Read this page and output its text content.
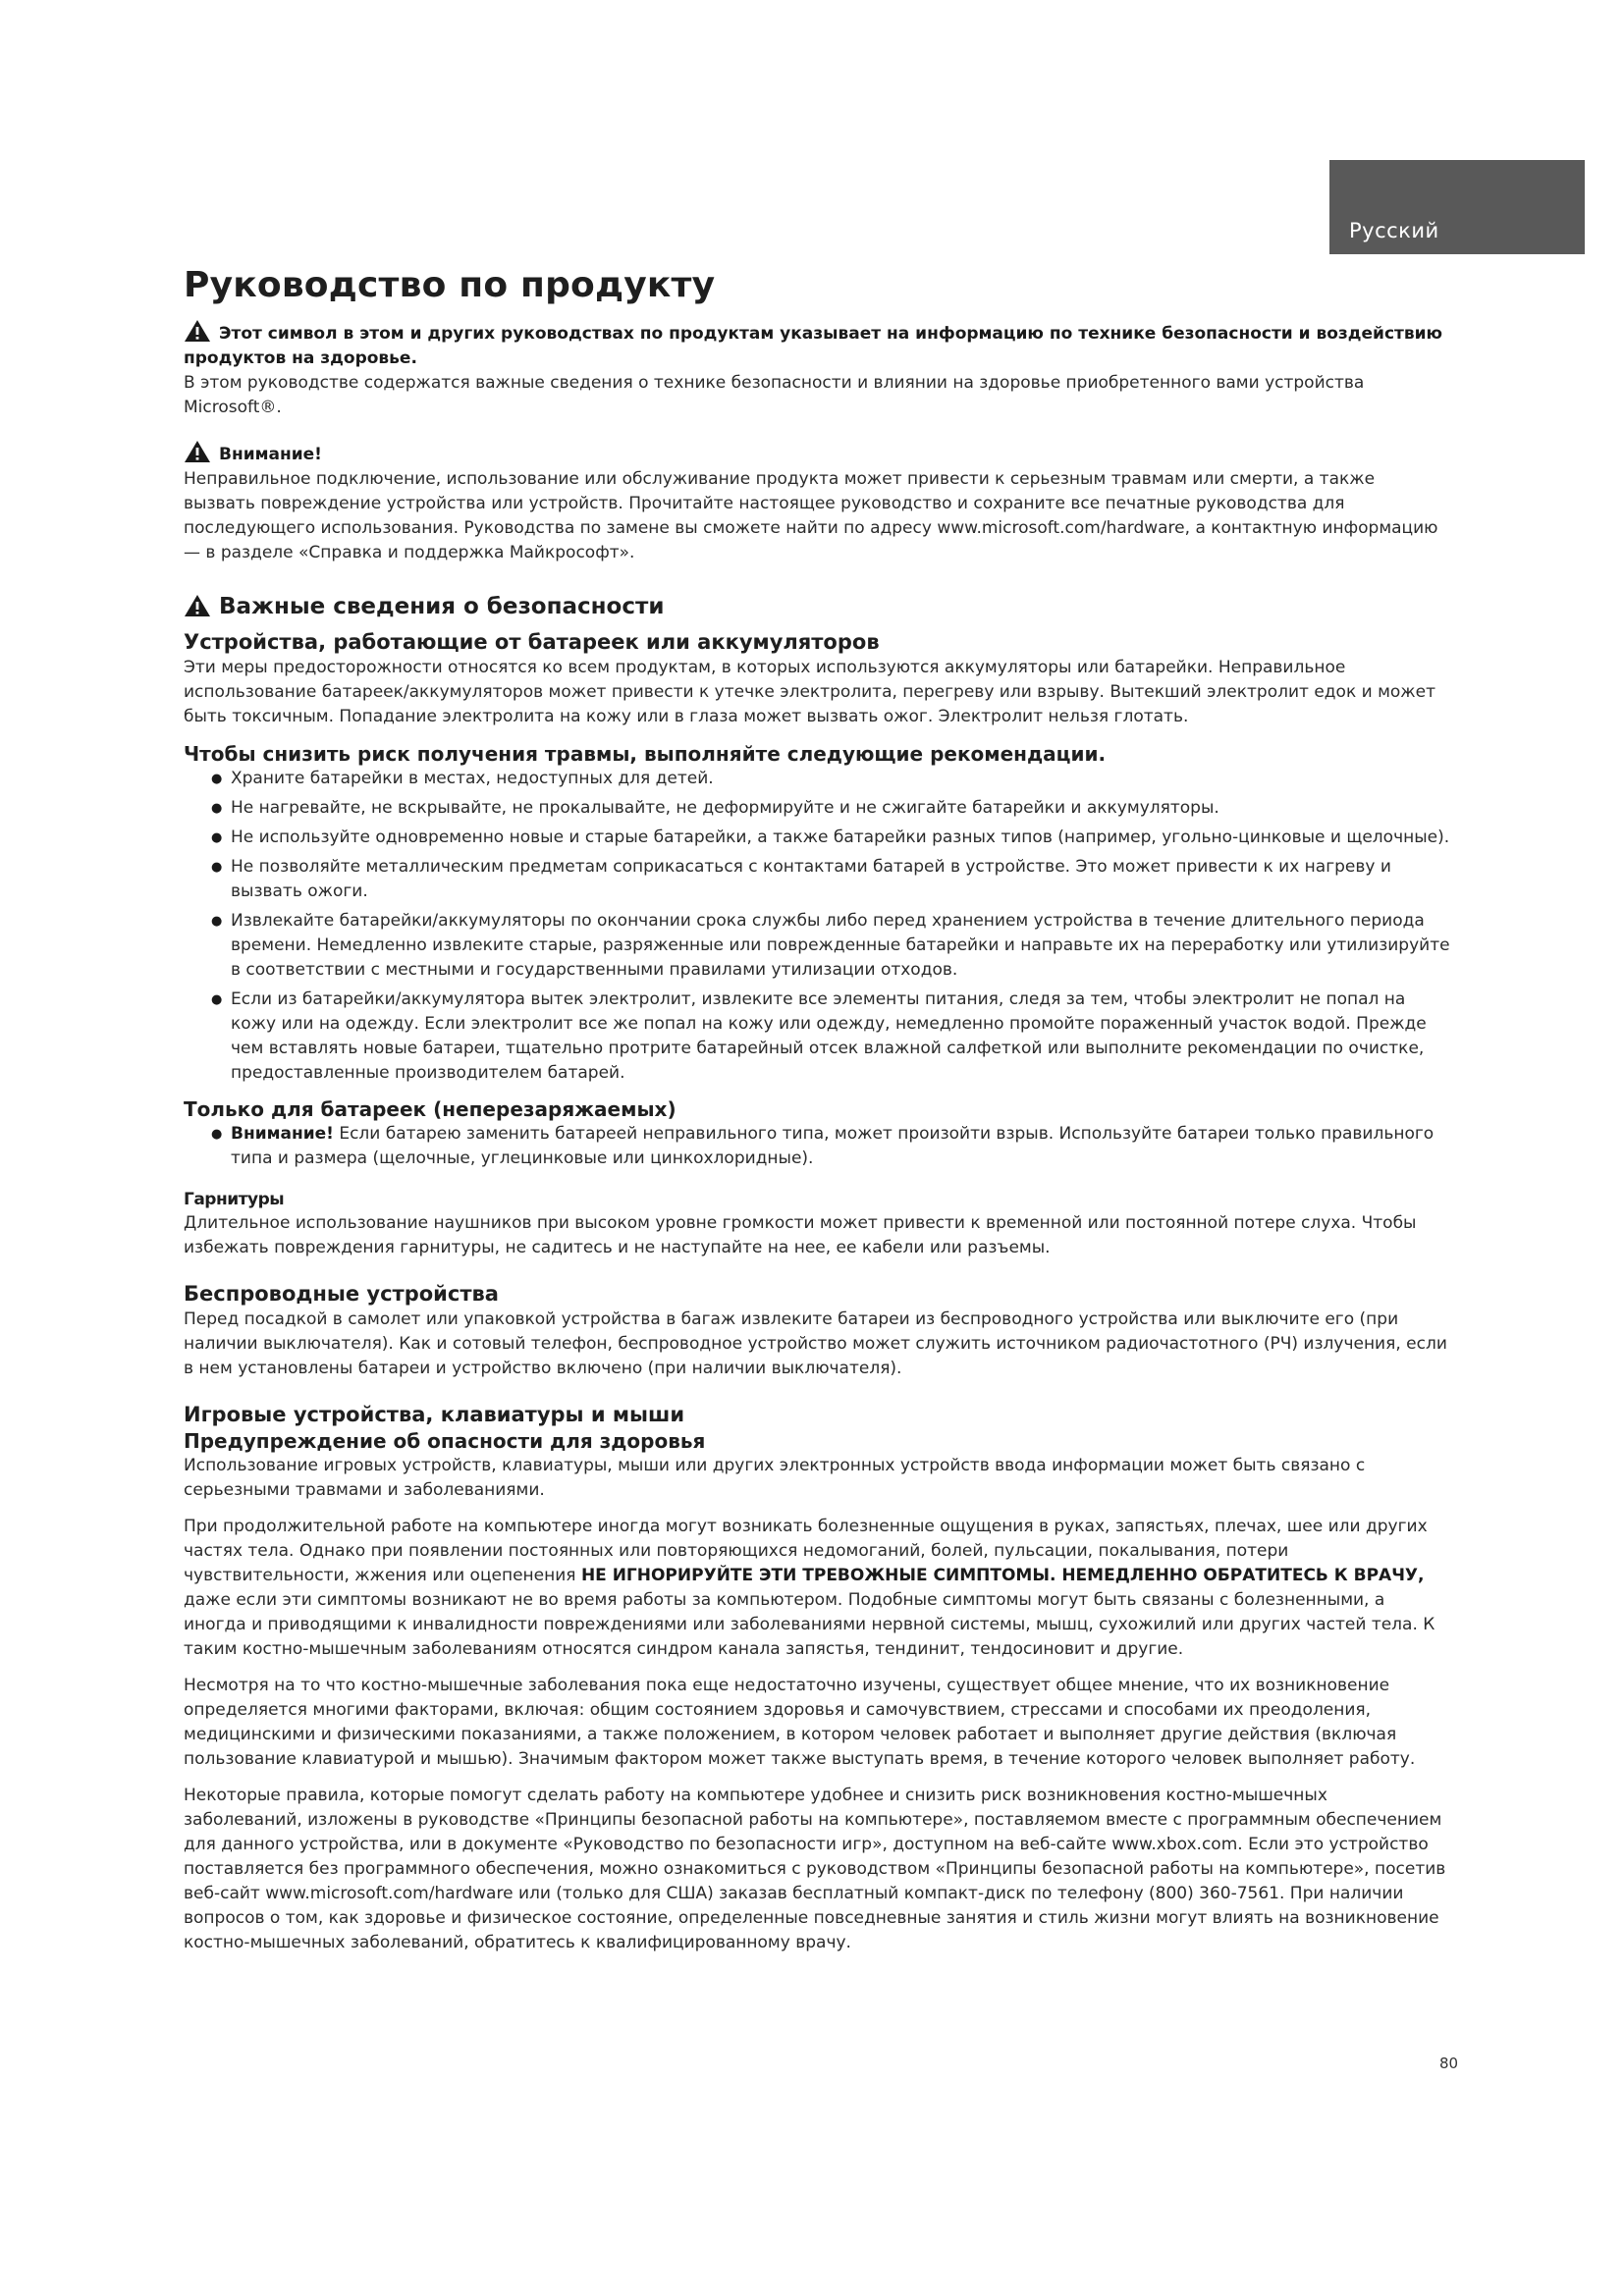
Русский
Руководство по продукту
Этот символ в этом и других руководствах по продуктам указывает на информацию по технике безопасности и воздействию продуктов на здоровье.

В этом руководстве содержатся важные сведения о технике безопасности и влиянии на здоровье приобретенного вами устройства Microsoft®.

Внимание!

Неправильное подключение, использование или обслуживание продукта может привести к серьезным травмам или смерти, а также вызвать повреждение устройства или устройств. Прочитайте настоящее руководство и сохраните все печатные руководства для последующего использования. Руководства по замене вы сможете найти по адресу www.microsoft.com/hardware, а контактную информацию — в разделе «Справка и поддержка Майкрософт».

Важные сведения о безопасности
Устройства, работающие от батареек или аккумуляторов

Эти меры предосторожности относятся ко всем продуктам, в которых используются аккумуляторы или батарейки. Неправильное использование батареек/аккумуляторов может привести к утечке электролита, перегреву или взрыву. Вытекший электролит едок и может быть токсичным. Попадание электролита на кожу или в глаза может вызвать ожог. Электролит нельзя глотать.

Чтобы снизить риск получения травмы, выполняйте следующие рекомендации.
● Храните батарейки в местах, недоступных для детей.
● Не нагревайте, не вскрывайте, не прокалывайте, не деформируйте и не сжигайте батарейки и аккумуляторы.
● Не используйте одновременно новые и старые батарейки, а также батарейки разных типов (например, угольно-цинковые и щелочные).
● Не позволяйте металлическим предметам соприкасаться с контактами батарей в устройстве. Это может привести к их нагреву и вызвать ожоги.
● Извлекайте батарейки/аккумуляторы по окончании срока службы либо перед хранением устройства в течение длительного периода времени. Немедленно извлеките старые, разряженные или поврежденные батарейки и направьте их на переработку или утилизируйте в соответствии с местными и государственными правилами утилизации отходов.
● Если из батарейки/аккумулятора вытек электролит, извлеките все элементы питания, следя за тем, чтобы электролит не попал на кожу или на одежду. Если электролит все же попал на кожу или одежду, немедленно промойте пораженный участок водой. Прежде чем вставлять новые батареи, тщательно протрите батарейный отсек влажной салфеткой или выполните рекомендации по очистке, предоставленные производителем батарей.
Только для батареек (неперезаряжаемых)
● Внимание! Если батарею заменить батареей неправильного типа, может произойти взрыв. Используйте батареи только правильного типа и размера (щелочные, углецинковые или цинкохлоридные).
Гарнитуры

Длительное использование наушников при высоком уровне громкости может привести к временной или постоянной потере слуха. Чтобы избежать повреждения гарнитуры, не садитесь и не наступайте на нее, ее кабели или разъемы.

Беспроводные устройства

Перед посадкой в самолет или упаковкой устройства в багаж извлеките батареи из беспроводного устройства или выключите его (при наличии выключателя). Как и сотовый телефон, беспроводное устройство может служить источником радиочастотного (РЧ) излучения, если в нем установлены батареи и устройство включено (при наличии выключателя).

Игровые устройства, клавиатуры и мыши
Предупреждение об опасности для здоровья

Использование игровых устройств, клавиатуры, мыши или других электронных устройств ввода информации может быть связано с серьезными травмами и заболеваниями.

При продолжительной работе на компьютере иногда могут возникать болезненные ощущения в руках, запястьях, плечах, шее или других частях тела. Однако при появлении постоянных или повторяющихся недомоганий, болей, пульсации, покалывания, потери чувствительности, жжения или оцепенения НЕ ИГНОРИРУЙТЕ ЭТИ ТРЕВОЖНЫЕ СИМПТОМЫ. НЕМЕДЛЕННО ОБРАТИТЕСЬ К ВРАЧУ, даже если эти симптомы возникают не во время работы за компьютером. Подобные симптомы могут быть связаны с болезненными, а иногда и приводящими к инвалидности повреждениями или заболеваниями нервной системы, мышц, сухожилий или других частей тела. К таким костно-мышечным заболеваниям относятся синдром канала запястья, тендинит, тендосиновит и другие.

Несмотря на то что костно-мышечные заболевания пока еще недостаточно изучены, существует общее мнение, что их возникновение определяется многими факторами, включая: общим состоянием здоровья и самочувствием, стрессами и способами их преодоления, медицинскими и физическими показаниями, а также положением, в котором человек работает и выполняет другие действия (включая пользование клавиатурой и мышью). Значимым фактором может также выступать время, в течение которого человек выполняет работу.

Некоторые правила, которые помогут сделать работу на компьютере удобнее и снизить риск возникновения костно-мышечных заболеваний, изложены в руководстве «Принципы безопасной работы на компьютере», поставляемом вместе с программным обеспечением для данного устройства, или в документе «Руководство по безопасности игр», доступном на веб-сайте www.xbox.com. Если это устройство поставляется без программного обеспечения, можно ознакомиться с руководством «Принципы безопасной работы на компьютере», посетив веб-сайт www.microsoft.com/hardware или (только для США) заказав бесплатный компакт-диск по телефону (800) 360-7561. При наличии вопросов о том, как здоровье и физическое состояние, определенные повседневные занятия и стиль жизни могут влиять на возникновение костно-мышечных заболеваний, обратитесь к квалифицированному врачу.

80
